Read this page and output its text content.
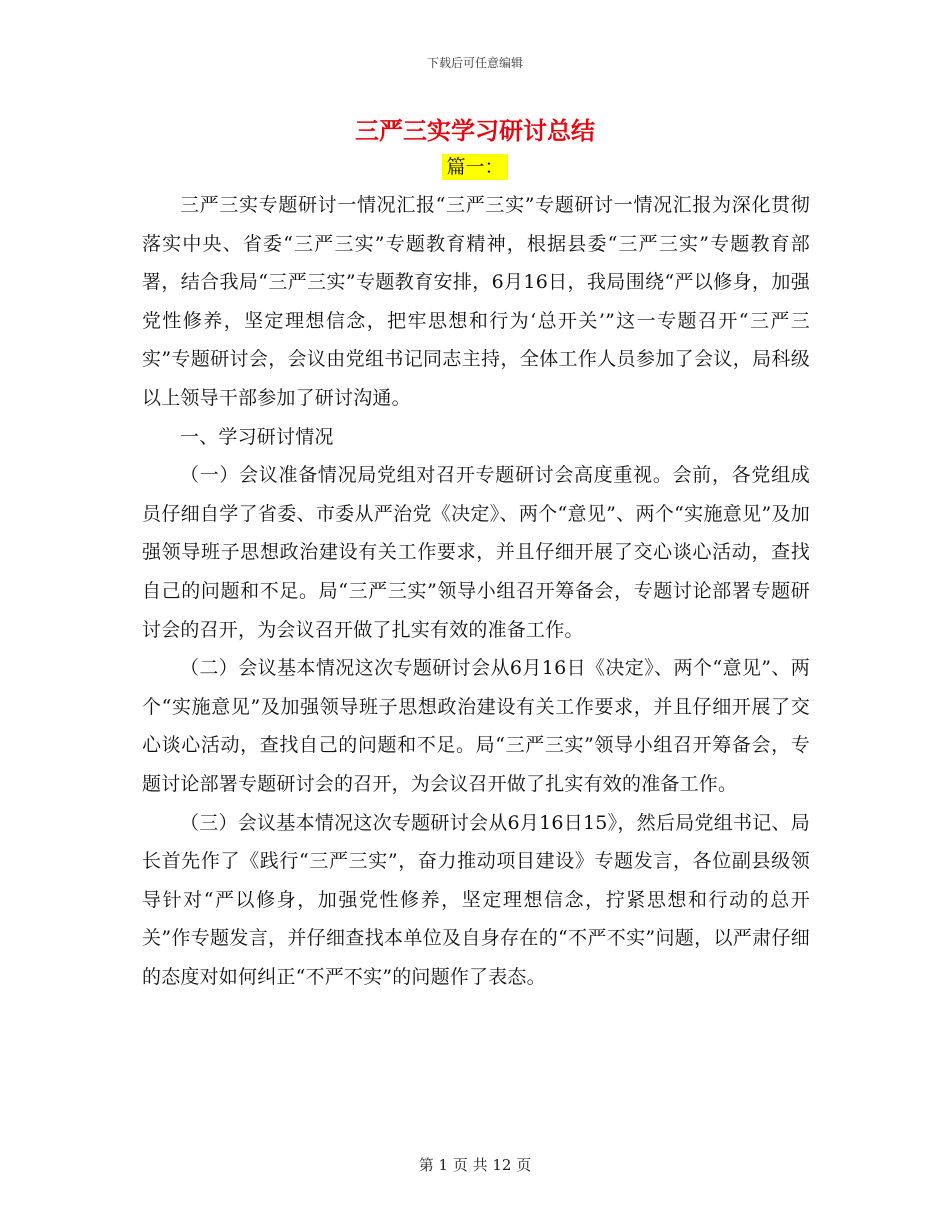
下载后可任意编辑
三严三实学习研讨总结
篇一：

三严三实专题研讨一情况汇报“三严三实”专题研讨一情况汇报为深化贯彻落实中央、省委“三严三实”专题教育精神，根据县委“三严三实”专题教育部署，结合我局“三严三实”专题教育安排，6月16日，我局围绕“严以修身，加强党性修养，坚定理想信念，把牢思想和行为‘总开关’”这一专题召开“三严三实”专题研讨会，会议由党组书记同志主持，全体工作人员参加了会议，局科级以上领导干部参加了研讨沟通。

一、学习研讨情况

（一）会议准备情况局党组对召开专题研讨会高度重视。会前，各党组成员仔细自学了省委、市委从严治党《决定》、两个“意见”、两个“实施意见”及加强领导班子思想政治建设有关工作要求，并且仔细开展了交心谈心活动，查找自己的问题和不足。局“三严三实”领导小组召开筹备会，专题讨论部署专题研讨会的召开，为会议召开做了扎实有效的准备工作。

（二）会议基本情况这次专题研讨会从6月16日《决定》、两个“意见”、两个“实施意见”及加强领导班子思想政治建设有关工作要求，并且仔细开展了交心谈心活动，查找自己的问题和不足。局“三严三实”领导小组召开筹备会，专题讨论部署专题研讨会的召开，为会议召开做了扎实有效的准备工作。

（三）会议基本情况这次专题研讨会从6月16日15》，然后局党组书记、局长首先作了《践行“三严三实”，奋力推动项目建设》专题发言，各位副县级领导针对“严以修身，加强党性修养，坚定理想信念，拧紧思想和行动的总开关”作专题发言，并仔细查找本单位及自身存在的“不严不实”问题，以严肃仔细的态度对如何纠正“不严不实”的问题作了表态。

第 1 页 共 12 页
